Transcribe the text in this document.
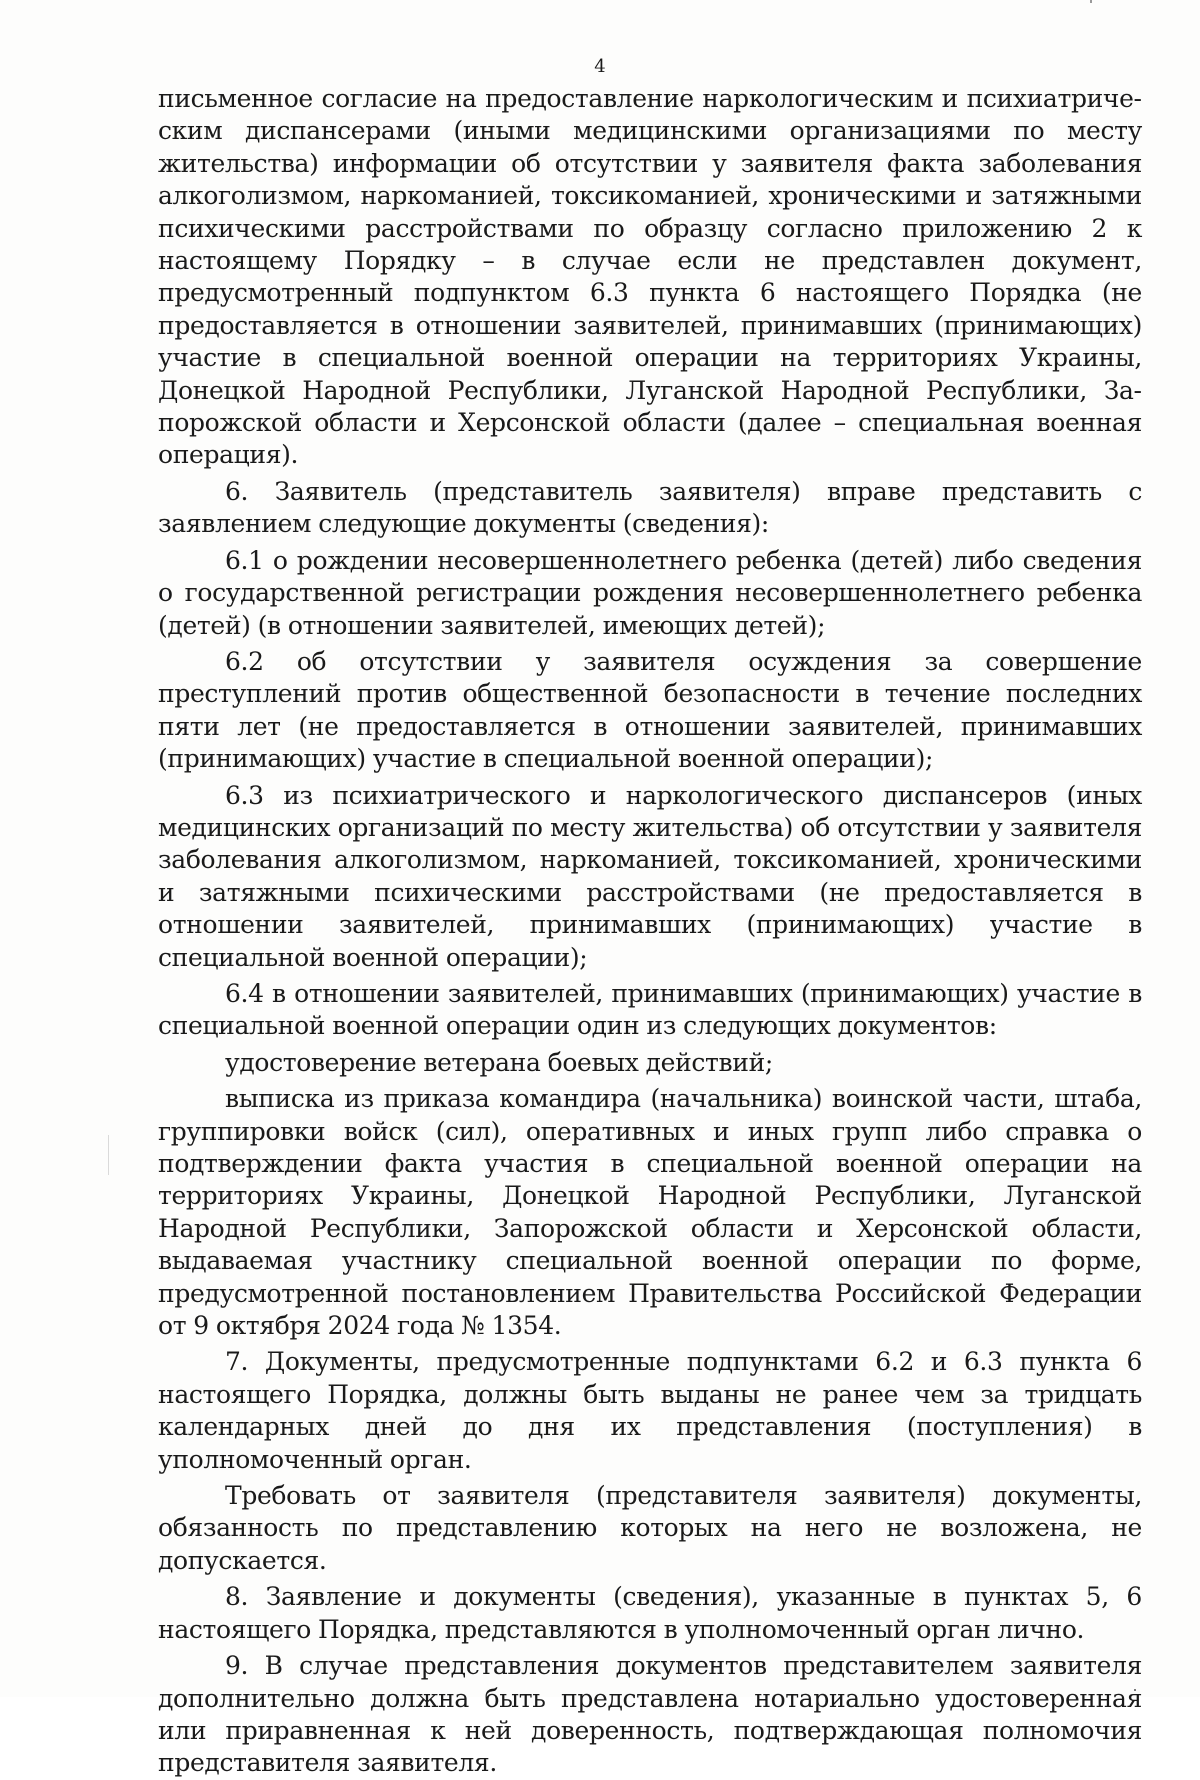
4

письменное согласие на предоставление наркологическим и психиатрическим диспансерами (иными медицинскими организациями по месту жительства) информации об отсутствии у заявителя факта заболевания алкоголизмом, наркоманией, токсикоманией, хроническими и затяжными психическими расстройствами по образцу согласно приложению 2 к настоящему Порядку – в случае если не представлен документ, предусмотренный подпунктом 6.3 пункта 6 настоящего Порядка (не предоставляется в отношении заявителей, принимавших (принимающих) участие в специальной военной операции на территориях Украины, Донецкой Народной Республики, Луганской Народной Республики, Запорожской области и Херсонской области (далее – специальная военная операция).

6. Заявитель (представитель заявителя) вправе представить с заявлением следующие документы (сведения):

6.1 о рождении несовершеннолетнего ребенка (детей) либо сведения о государственной регистрации рождения несовершеннолетнего ребенка (детей) (в отношении заявителей, имеющих детей);

6.2 об отсутствии у заявителя осуждения за совершение преступлений против общественной безопасности в течение последних пяти лет (не предоставляется в отношении заявителей, принимавших (принимающих) участие в специальной военной операции);

6.3 из психиатрического и наркологического диспансеров (иных медицинских организаций по месту жительства) об отсутствии у заявителя заболевания алкоголизмом, наркоманией, токсикоманией, хроническими и затяжными психическими расстройствами (не предоставляется в отношении заявителей, принимавших (принимающих) участие в специальной военной операции);

6.4 в отношении заявителей, принимавших (принимающих) участие в специальной военной операции один из следующих документов:

удостоверение ветерана боевых действий;

выписка из приказа командира (начальника) воинской части, штаба, группировки войск (сил), оперативных и иных групп либо справка о подтверждении факта участия в специальной военной операции на территориях Украины, Донецкой Народной Республики, Луганской Народной Республики, Запорожской области и Херсонской области, выдаваемая участнику специальной военной операции по форме, предусмотренной постановлением Правительства Российской Федерации от 9 октября 2024 года № 1354.

7. Документы, предусмотренные подпунктами 6.2 и 6.3 пункта 6 настоящего Порядка, должны быть выданы не ранее чем за тридцать календарных дней до дня их представления (поступления) в уполномоченный орган.

Требовать от заявителя (представителя заявителя) документы, обязанность по представлению которых на него не возложена, не допускается.

8. Заявление и документы (сведения), указанные в пунктах 5, 6 настоящего Порядка, представляются в уполномоченный орган лично.

9. В случае представления документов представителем заявителя дополнительно должна быть представлена нотариально удостоверенная или приравненная к ней доверенность, подтверждающая полномочия представителя заявителя.
